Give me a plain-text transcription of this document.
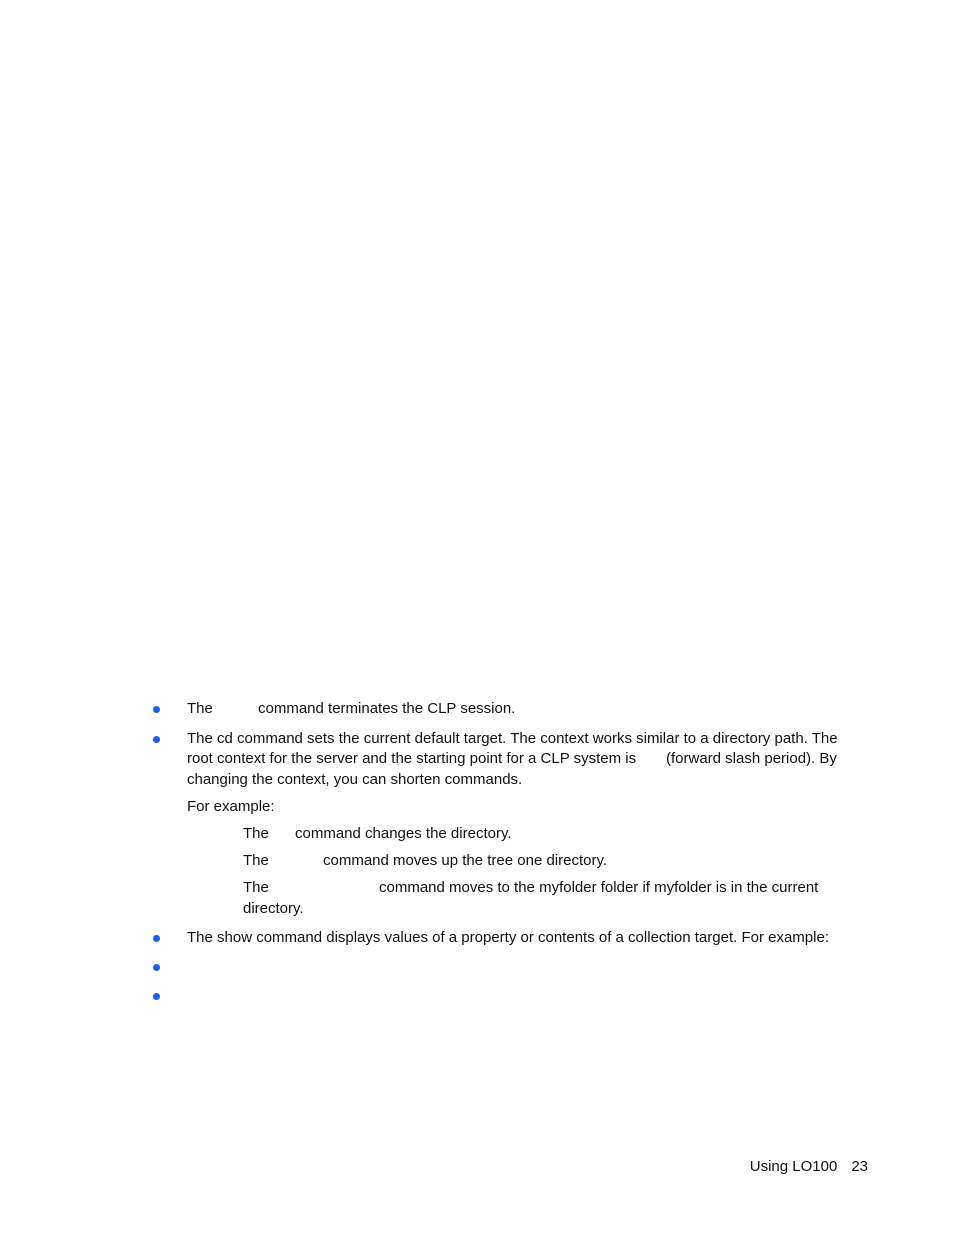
The	command terminates the CLP session.
The cd command sets the current default target. The context works similar to a directory path. The
root context for the server and the starting point for a CLP system is (forward slash period). By
changing the context, you can shorten commands.
For example:
The command changes the directory.
The	command moves up the tree one directory.
The	command moves to the myfolder folder if myfolder is in the current
directory.
The show command displays values of a property or contents of a collection target. For example:
Using LO100 23
